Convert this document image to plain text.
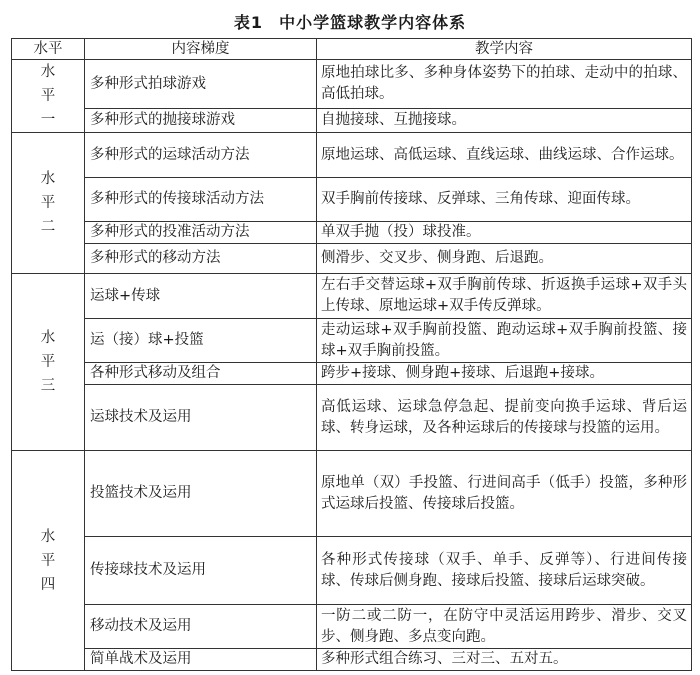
表1 中小学篮球教学内容体系
水平	内容梯度	教学内容

水
平
一	多种形式拍球游戏	原地拍球比多、多种身体姿势下的拍球、走动中的拍球、高低拍球。
	多种形式的抛接球游戏	自抛接球、互抛接球。

水
平
二	多种形式的运球活动方法	原地运球、高低运球、直线运球、曲线运球、合作运球。
	多种形式的传接球活动方法	双手胸前传接球、反弹球、三角传球、迎面传球。
	多种形式的投准活动方法	单双手抛（投）球投准。
	多种形式的移动方法	侧滑步、交叉步、侧身跑、后退跑。

水
平
三	运球+传球	左右手交替运球+双手胸前传球、折返换手运球+双手头上传球、原地运球+双手传反弹球。
	运（接）球+投篮	走动运球+双手胸前投篮、跑动运球+双手胸前投篮、接球+双手胸前投篮。
	各种形式移动及组合	跨步+接球、侧身跑+接球、后退跑+接球。
	运球技术及运用	高低运球、运球急停急起、提前变向换手运球、背后运球、转身运球，及各种运球后的传接球与投篮的运用。

水
平
四	投篮技术及运用	原地单（双）手投篮、行进间高手（低手）投篮，多种形式运球后投篮、传接球后投篮。
	传接球技术及运用	各种形式传接球（双手、单手、反弹等）、行进间传接球、传球后侧身跑、接球后投篮、接球后运球突破。
	移动技术及运用	一防二或二防一，在防守中灵活运用跨步、滑步、交叉步、侧身跑、多点变向跑。
	简单战术及运用	多种形式组合练习、三对三、五对五。
